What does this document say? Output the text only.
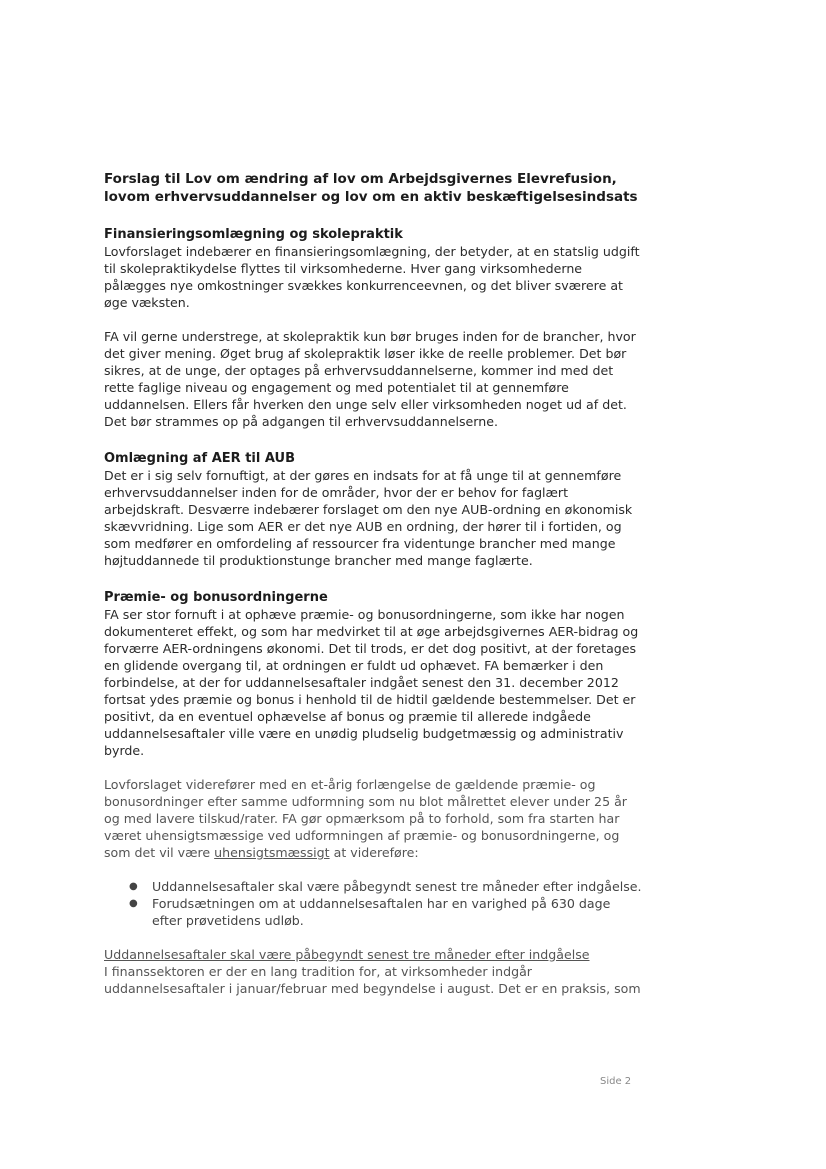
Forslag til Lov om ændring af lov om Arbejdsgivernes Elevrefusion, lovom erhvervsuddannelser og lov om en aktiv beskæftigelsesindsats

Finansieringsomlægning og skolepraktik

Lovforslaget indebærer en finansieringsomlægning, der betyder, at en statslig udgift til skolepraktikydelse flyttes til virksomhederne. Hver gang virksomhederne pålægges nye omkostninger svækkes konkurrenceevnen, og det bliver sværere at øge væksten.

FA vil gerne understrege, at skolepraktik kun bør bruges inden for de brancher, hvor det giver mening. Øget brug af skolepraktik løser ikke de reelle problemer. Det bør sikres, at de unge, der optages på erhvervsuddannelserne, kommer ind med det rette faglige niveau og engagement og med potentialet til at gennemføre uddannelsen. Ellers får hverken den unge selv eller virksomheden noget ud af det. Det bør strammes op på adgangen til erhvervsuddannelserne.

Omlægning af AER til AUB

Det er i sig selv fornuftigt, at der gøres en indsats for at få unge til at gennemføre erhvervsuddannelser inden for de områder, hvor der er behov for faglært arbejdskraft. Desværre indebærer forslaget om den nye AUB-ordning en økonomisk skævvridning. Lige som AER er det nye AUB en ordning, der hører til i fortiden, og som medfører en omfordeling af ressourcer fra videntunge brancher med mange højtuddannede til produktionstunge brancher med mange faglærte.

Præmie- og bonusordningerne

FA ser stor fornuft i at ophæve præmie- og bonusordningerne, som ikke har nogen dokumenteret effekt, og som har medvirket til at øge arbejdsgivernes AER-bidrag og forværre AER-ordningens økonomi. Det til trods, er det dog positivt, at der foretages en glidende overgang til, at ordningen er fuldt ud ophævet. FA bemærker i den forbindelse, at der for uddannelsesaftaler indgået senest den 31. december 2012 fortsat ydes præmie og bonus i henhold til de hidtil gældende bestemmelser. Det er positivt, da en eventuel ophævelse af bonus og præmie til allerede indgåede uddannelsesaftaler ville være en unødig pludselig budgetmæssig og administrativ byrde.

Lovforslaget viderefører med en et-årig forlængelse de gældende præmie- og bonusordninger efter samme udformning som nu blot målrettet elever under 25 år og med lavere tilskud/rater. FA gør opmærksom på to forhold, som fra starten har været uhensigtsmæssige ved udformningen af præmie- og bonusordningerne, og som det vil være uhensigtsmæssigt at videreføre:

● Uddannelsesaftaler skal være påbegyndt senest tre måneder efter indgåelse.
● Forudsætningen om at uddannelsesaftalen har en varighed på 630 dage efter prøvetidens udløb.

Uddannelsesaftaler skal være påbegyndt senest tre måneder efter indgåelse

I finanssektoren er der en lang tradition for, at virksomheder indgår uddannelsesaftaler i januar/februar med begyndelse i august. Det er en praksis, som

Side 2
